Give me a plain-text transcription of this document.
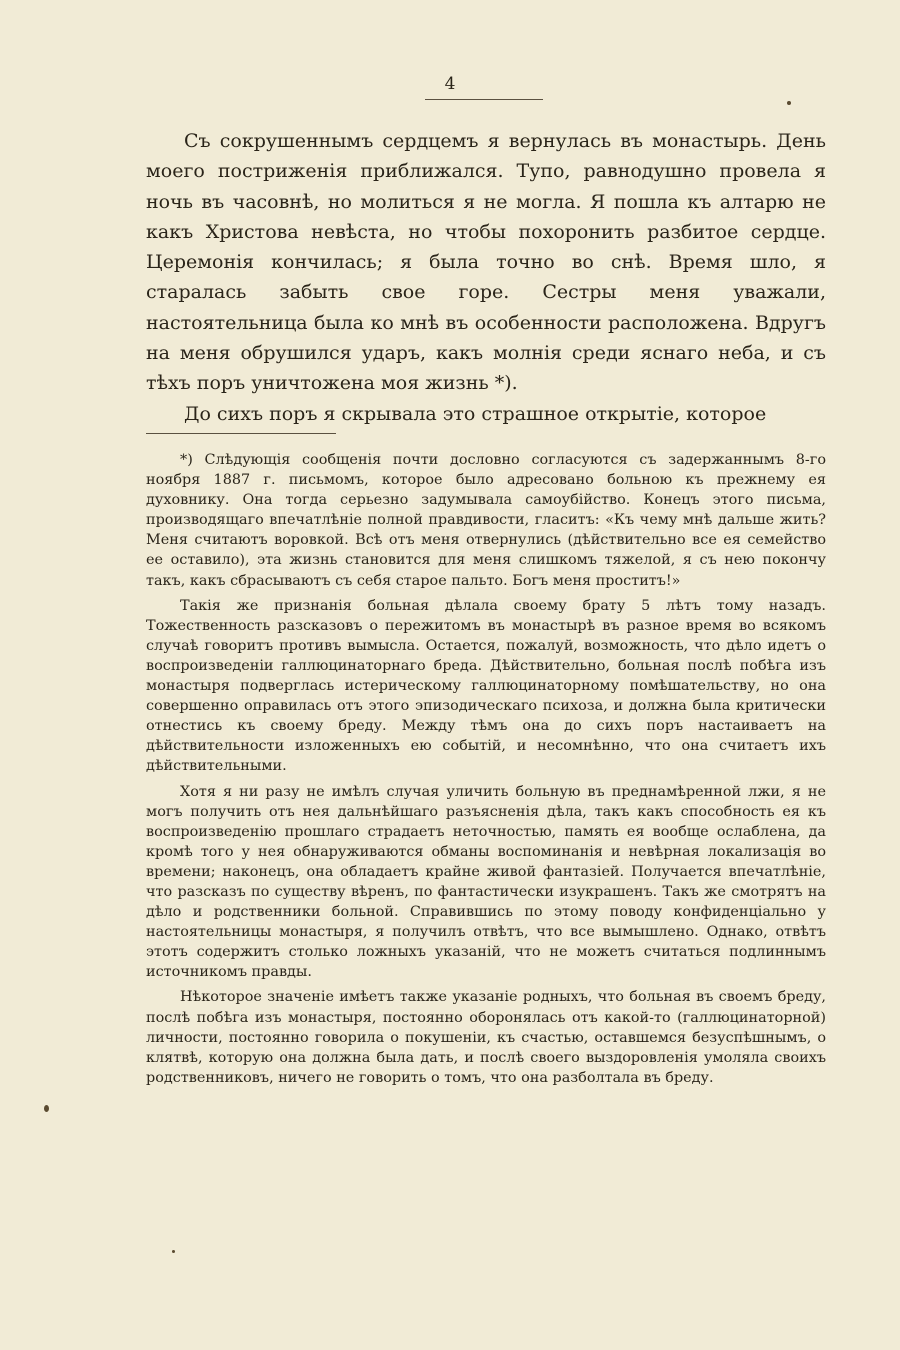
4

Съ сокрушеннымъ сердцемъ я вернулась въ монастырь. День моего постриженія приближался. Тупо, равнодушно провела я ночь въ часовнѣ, но молиться я не могла. Я пошла къ алтарю не какъ Христова невѣста, но чтобы похоронить разбитое сердце. Церемонія кончилась; я была точно во снѣ. Время шло, я старалась забыть свое горе. Сестры меня уважали, настоятельница была ко мнѣ въ особенности расположена. Вдругъ на меня обрушился ударъ, какъ молнія среди яснаго неба, и съ тѣхъ поръ уничтожена моя жизнь *).

До сихъ поръ я скрывала это страшное открытіе, которое

*) Слѣдующія сообщенія почти дословно согласуются съ задержаннымъ 8-го ноября 1887 г. письмомъ, которое было адресовано больною къ прежнему ея духовнику. Она тогда серьезно задумывала самоубійство. Конецъ этого письма, производящаго впечатлѣніе полной правдивости, гласитъ: «Къ чему мнѣ дальше жить? Меня считаютъ воровкой. Всѣ отъ меня отвернулись (дѣйствительно все ея семейство ее оставило), эта жизнь становится для меня слишкомъ тяжелой, я съ нею покончу такъ, какъ сбрасываютъ съ себя старое пальто. Богъ меня проститъ!»

Такія же признанія больная дѣлала своему брату 5 лѣтъ тому назадъ. Тожественность разсказовъ о пережитомъ въ монастырѣ въ разное время во всякомъ случаѣ говоритъ противъ вымысла. Остается, пожалуй, возможность, что дѣло идетъ о воспроизведеніи галлюцинаторнаго бреда. Дѣйствительно, больная послѣ побѣга изъ монастыря подверглась истерическому галлюцинаторному помѣшательству, но она совершенно оправилась отъ этого эпизодическаго психоза, и должна была критически отнестись къ своему бреду. Между тѣмъ она до сихъ поръ настаиваетъ на дѣйствительности изложенныхъ ею событій, и несомнѣнно, что она считаетъ ихъ дѣйствительными.

Хотя я ни разу не имѣлъ случая уличить больную въ преднамѣренной лжи, я не могъ получить отъ нея дальнѣйшаго разъясненія дѣла, такъ какъ способность ея къ воспроизведенію прошлаго страдаетъ неточностью, память ея вообще ослаблена, да кромѣ того у нея обнаруживаются обманы воспоминанія и невѣрная локализація во времени; наконецъ, она обладаетъ крайне живой фантазіей. Получается впечатлѣніе, что разсказъ по существу вѣренъ, по фантастически изукрашенъ. Такъ же смотрятъ на дѣло и родственники больной. Справившись по этому поводу конфиденціально у настоятельницы монастыря, я получилъ отвѣтъ, что все вымышлено. Однако, отвѣтъ этотъ содержитъ столько ложныхъ указаній, что не можетъ считаться подлиннымъ источникомъ правды.

Нѣкоторое значеніе имѣетъ также указаніе родныхъ, что больная въ своемъ бреду, послѣ побѣга изъ монастыря, постоянно оборонялась отъ какой-то (галлюцинаторной) личности, постоянно говорила о покушеніи, къ счастью, оставшемся безуспѣшнымъ, о клятвѣ, которую она должна была дать, и послѣ своего выздоровленія умоляла своихъ родственниковъ, ничего не говорить о томъ, что она разболтала въ бреду.
